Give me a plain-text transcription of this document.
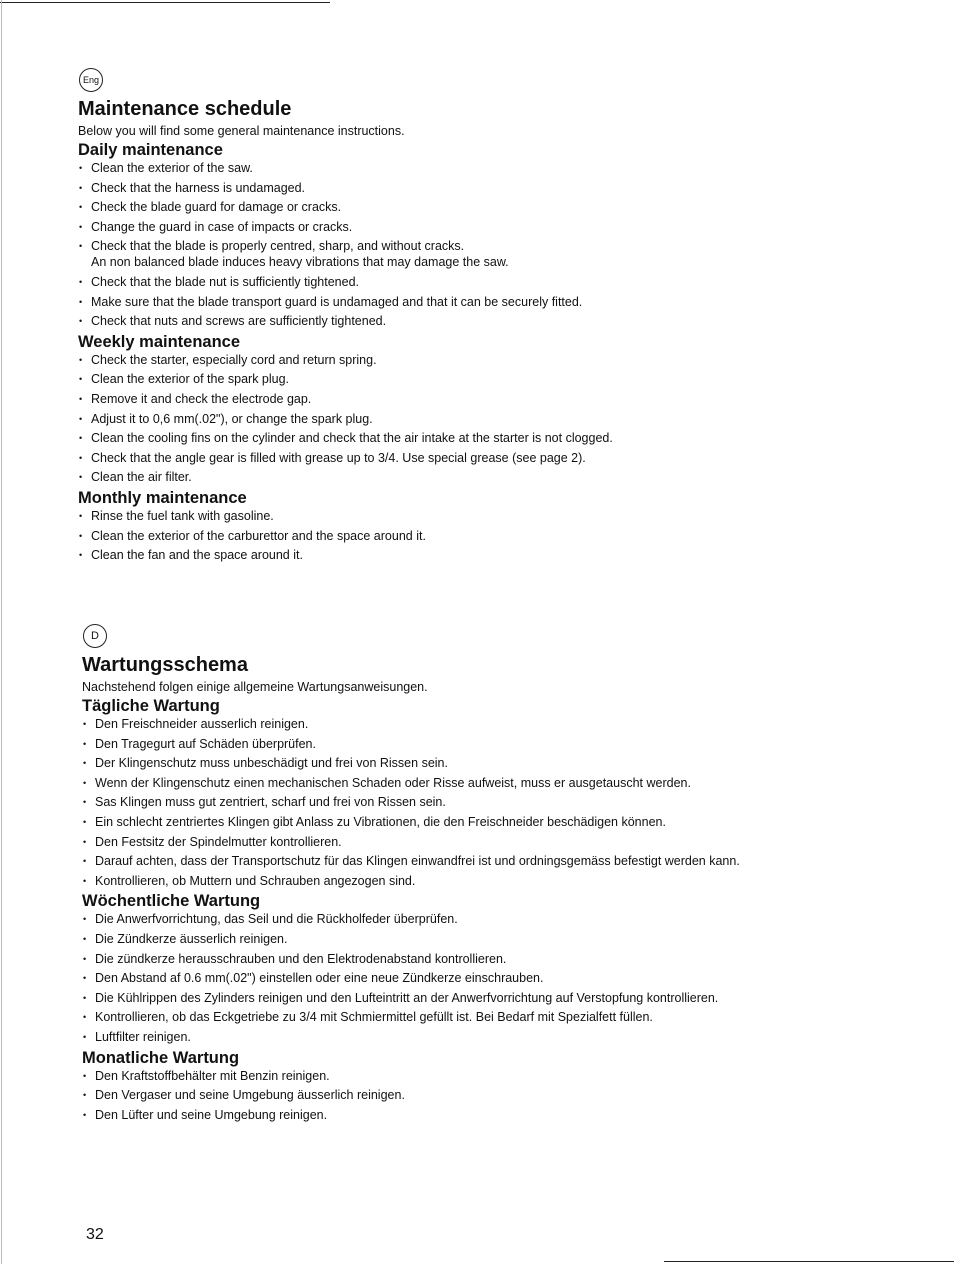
Eng
Maintenance schedule

Below you will find some general maintenance instructions.

Daily maintenance
• Clean the exterior of the saw.
• Check that the harness is undamaged.
• Check the blade guard for damage or cracks.
• Change the guard in case of impacts or cracks.
• Check that the blade is properly centred, sharp, and without cracks.
An non balanced blade induces heavy vibrations that may damage the saw.
• Check that the blade nut is sufficiently tightened.
• Make sure that the blade transport guard is undamaged and that it can be securely fitted.
• Check that nuts and screws are sufficiently tightened.
Weekly maintenance
• Check the starter, especially cord and return spring.
• Clean the exterior of the spark plug.
• Remove it and check the electrode gap.
• Adjust it to 0,6 mm(.02"), or change the spark plug.
• Clean the cooling fins on the cylinder and check that the air intake at the starter is not clogged.
• Check that the angle gear is filled with grease up to 3/4. Use special grease (see page 2).
• Clean the air filter.
Monthly maintenance
• Rinse the fuel tank with gasoline.
• Clean the exterior of the carburettor and the space around it.
• Clean the fan and the space around it.
D
Wartungsschema

Nachstehend folgen einige allgemeine Wartungsanweisungen.

Tägliche Wartung
• Den Freischneider ausserlich reinigen.
• Den Tragegurt auf Schäden überprüfen.
• Der Klingenschutz muss unbeschädigt und frei von Rissen sein.
• Wenn der Klingenschutz einen mechanischen Schaden oder Risse aufweist, muss er ausgetauscht werden.
• Sas Klingen muss gut zentriert, scharf und frei von Rissen sein.
• Ein schlecht zentriertes Klingen gibt Anlass zu Vibrationen, die den Freischneider beschädigen können.
• Den Festsitz der Spindelmutter kontrollieren.
• Darauf achten, dass der Transportschutz für das Klingen einwandfrei ist und ordningsgemäss befestigt werden kann.
• Kontrollieren, ob Muttern und Schrauben angezogen sind.
Wöchentliche Wartung
• Die Anwerfvorrichtung, das Seil und die Rückholfeder überprüfen.
• Die Zündkerze äusserlich reinigen.
• Die zündkerze herausschrauben und den Elektrodenabstand kontrollieren.
• Den Abstand af 0.6 mm(.02") einstellen oder eine neue Zündkerze einschrauben.
• Die Kühlrippen des Zylinders reinigen und den Lufteintritt an der Anwerfvorrichtung auf Verstopfung kontrollieren.
• Kontrollieren, ob das Eckgetriebe zu 3/4 mit Schmiermittel gefüllt ist. Bei Bedarf mit Spezialfett füllen.
• Luftfilter reinigen.
Monatliche Wartung
• Den Kraftstoffbehälter mit Benzin reinigen.
• Den Vergaser und seine Umgebung äusserlich reinigen.
• Den Lüfter und seine Umgebung reinigen.
32
